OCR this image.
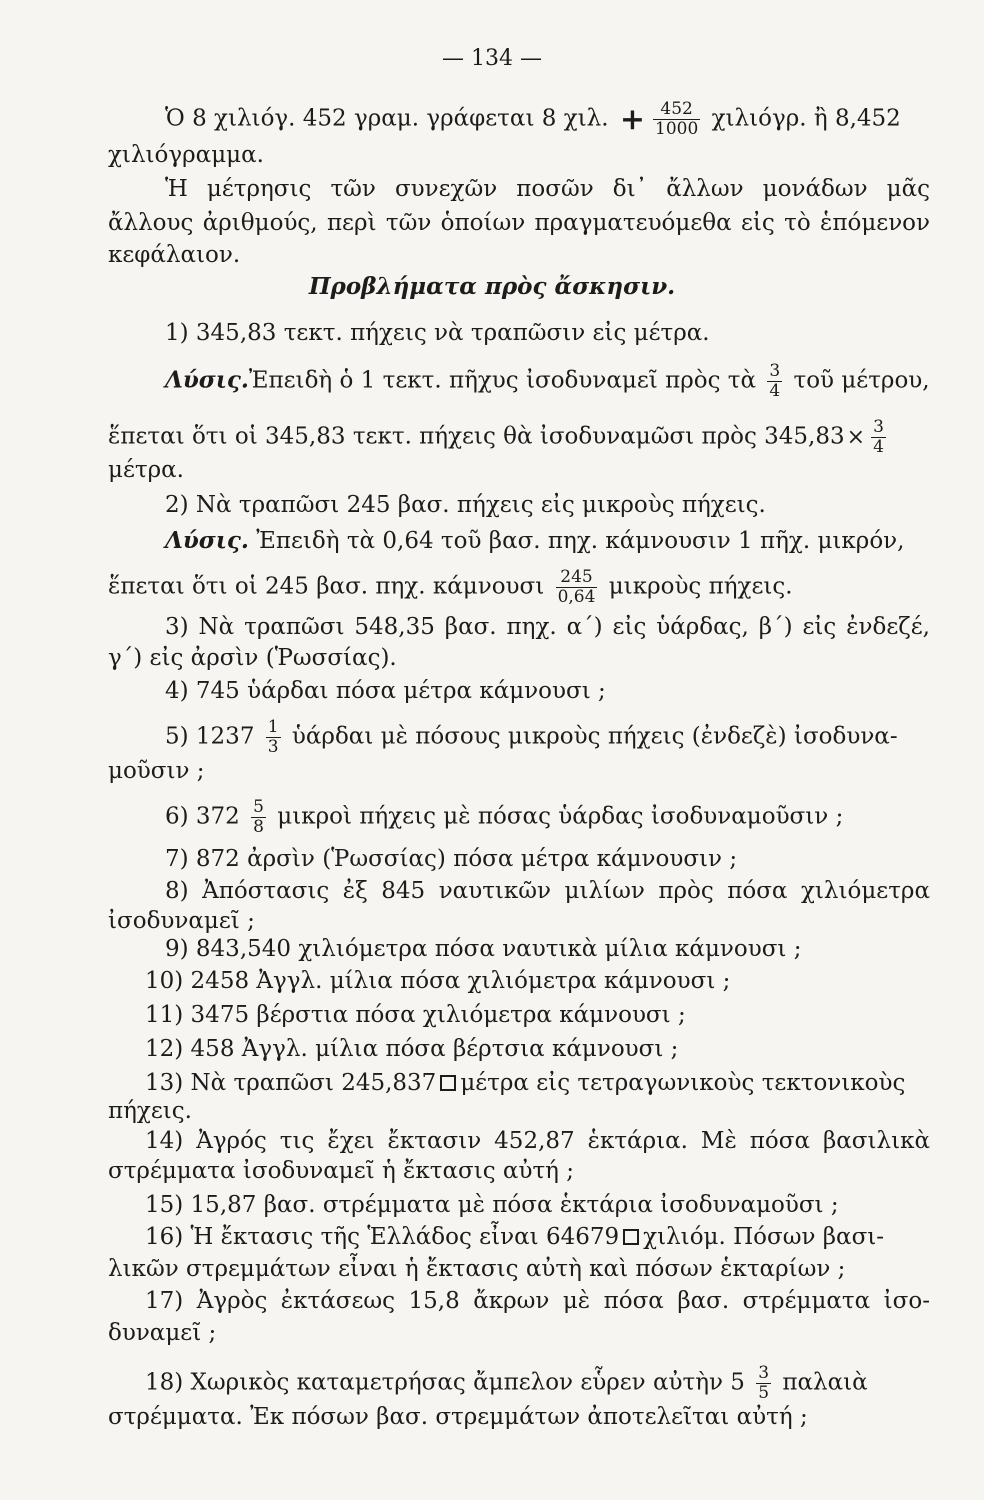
— 134 —
Ὁ 8 χιλιόγ. 452 γραμ. γράφεται 8 χιλ. + $\frac{452}{1000} \chi\iota\lambda\iota ό\gamma\rho$. ἢ 8,452
χιλιόγραμμα.
Ἡ μέτρησις τῶν συνεχῶν ποσῶν δι᾿ ἄλλων μονάδων μᾶς
ἄλλους ἀριθμούς, περὶ τῶν ὁποίων πραγματευόμεθα εἰς τὸ ἑπόμενον
κεφάλαιον.
Προβλήματα πρὸς ἄσκησιν.
1) 345,83 τεκτ. πήχεις νὰ τραπῶσιν εἰς μέτρα.
Λύσις.Ἐπειδὴ ὁ 1 τεκτ. πῆχυς ἰσοδυναμεῖ πρὸς τὰ $\frac{3}{4}$ τοῦ μέτρου,
ἕπεται ὅτι οἱ 345,83 τεκτ. πήχεις θὰ ἰσοδυναμῶσι πρὸς $345,83\times \frac{3}{4}$
μέτρα.
2) Νὰ τραπῶσι 245 βασ. πήχεις εἰς μικροὺς πήχεις.
Λύσις. Ἐπειδὴ τὰ 0,64 τοῦ βασ. πηχ. κάμνουσιν 1 πῆχ. μικρόν,
ἕπεται ὅτι οἱ 245 βασ. πηχ. κάμνουσι $\frac{245}{0,64}$ μικροὺς πήχεις.
3) Νὰ τραπῶσι 548,35 βασ. πηχ. α´) εἰς ὑάρδας, β´) εἰς ἐνδεζέ,
γ´) εἰς ἀρσὶν (Ῥωσσίας).
4) 745 ὑάρδαι πόσα μέτρα κάμνουσι ;
5) $1237 \frac{1}{3}$ ὑάρδαι μὲ πόσους μικροὺς πήχεις (ἐνδεζὲ) ἰσοδυνα-
μοῦσιν ;
6) $372 \frac{5}{8}$ μικροὶ πήχεις μὲ πόσας ὑάρδας ἰσοδυναμοῦσιν ;
7) 872 ἀρσὶν (Ῥωσσίας) πόσα μέτρα κάμνουσιν ;
8) Ἀπόστασις ἐξ 845 ναυτικῶν μιλίων πρὸς πόσα χιλιόμετρα
ἰσοδυναμεῖ ;
9) 843,540 χιλιόμετρα πόσα ναυτικὰ μίλια κάμνουσι ;
10) 2458 Ἀγγλ. μίλια πόσα χιλιόμετρα κάμνουσι ;
11) 3475 βέρστια πόσα χιλιόμετρα κάμνουσι ;
12) 458 Ἀγγλ. μίλια πόσα βέρτσια κάμνουσι ;
13) Νὰ τραπῶσι 245,837 μέτρα εἰς τετραγωνικοὺς τεκτονικοὺς
πήχεις.
14) Ἀγρός τις ἔχει ἔκτασιν 452,87 ἑκτάρια. Μὲ πόσα βασιλικὰ
στρέμματα ἰσοδυναμεῖ ἡ ἔκτασις αὐτή ;
15) 15,87 βασ. στρέμματα μὲ πόσα ἑκτάρια ἰσοδυναμοῦσι ;
16) Ἡ ἔκτασις τῆς Ἑλλάδος εἶναι 64679 χιλιόμ. Πόσων βασι-
λικῶν στρεμμάτων εἶναι ἡ ἔκτασις αὐτὴ καὶ πόσων ἑκταρίων ;
17) Ἀγρὸς ἐκτάσεως 15,8 ἄκρων μὲ πόσα βασ. στρέμματα ἰσο-
δυναμεῖ ;
18) Χωρικὸς καταμετρήσας ἄμπελον εὗρεν αὐτὴν $5 \frac{3}{5}$ παλαιὰ
στρέμματα. Ἐκ πόσων βασ. στρεμμάτων ἀποτελεῖται αὐτή ;
